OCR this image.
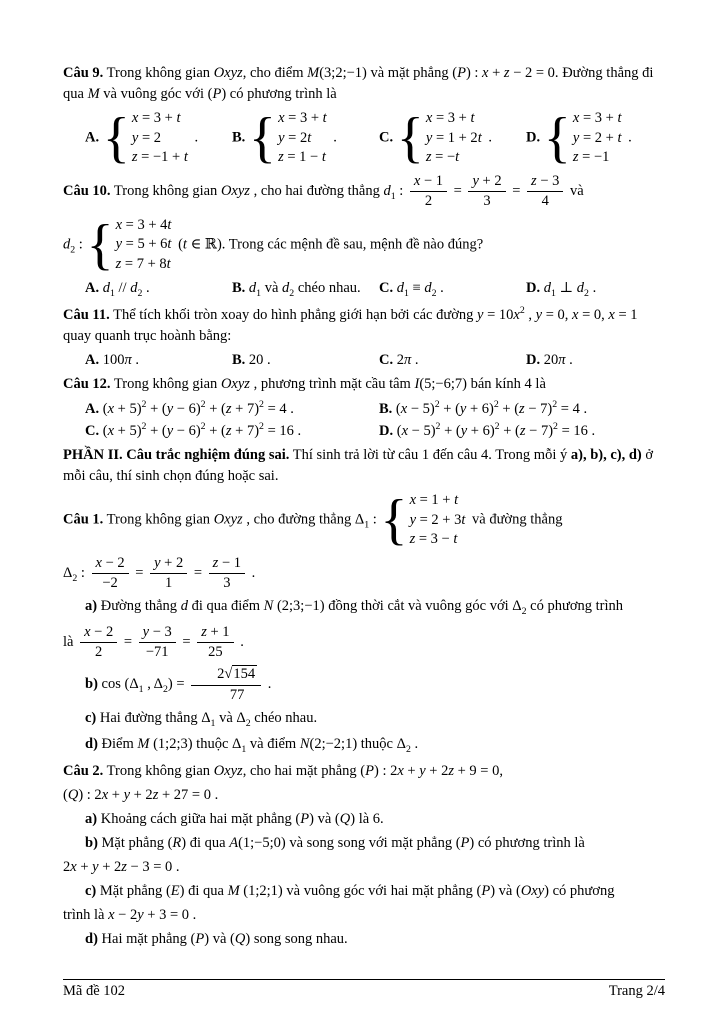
Câu 9. Trong không gian Oxyz, cho điểm M(3;2;−1) và mặt phẳng (P) : x + z − 2 = 0. Đường thẳng đi qua M và vuông góc với (P) có phương trình là

A. { x = 3 + t
y = 2
z = −1 + t
.	B. { x = 3 + t
y = 2t
z = 1 − t
.	C. { x = 3 + t
y = 1 + 2t
z = −t
.	D. { x = 3 + t
y = 2 + t
z = −1
.

Câu 10. Trong không gian Oxyz , cho hai đường thẳng $d_1$ : $\frac{x - 1}{2} = \frac{y + 2}{3} = \frac{z - 3}{4}$ và

$d_2$ : { x = 3 + 4t
y = 5 + 6t
z = 7 + 8t
(t ∈ ℝ). Trong các mệnh đề sau, mệnh đề nào đúng?

A. $d_1 // d_2$ .	B. $d_1$ và $d_2$ chéo nhau.	C. $d_1 \equiv d_2$ .	D. $d_1$ ⊥ $d_2$ .

Câu 11. Thể tích khối tròn xoay do hình phẳng giới hạn bởi các đường $y = 10x^2$ , y = 0, x = 0, x = 1 quay quanh trục hoành bằng:

A. 100π .	B. 20 .	C. 2π .	D. 20π .

Câu 12. Trong không gian Oxyz , phương trình mặt cầu tâm I(5;−6;7) bán kính 4 là

A. $(x + 5)^2 + (y - 6)^2 + (z + 7)^2 = 4$ .	B. $(x - 5)^2 + (y + 6)^2 + (z - 7)^2 = 4$ .
C. $(x + 5)^2 + (y - 6)^2 + (z + 7)^2 = 16$ .	D. $(x - 5)^2 + (y + 6)^2 + (z - 7)^2 = 16$ .

PHẦN II. Câu trắc nghiệm đúng sai. Thí sinh trả lời từ câu 1 đến câu 4. Trong mỗi ý a), b), c), d) ở mỗi câu, thí sinh chọn đúng hoặc sai.

Câu 1. Trong không gian Oxyz , cho đường thẳng $\Delta_1$ : { x = 1 + t
y = 2 + 3t
z = 3 − t
và đường thẳng

$\Delta_2$ : $\frac{x - 2}{-2} = \frac{y + 2}{1} = \frac{z - 1}{3}$ .

a) Đường thẳng d đi qua điểm N (2;3;−1) đồng thời cắt và vuông góc với $\Delta_2$ có phương trình

là $\frac{x - 2}{2} = \frac{y - 3}{-71} = \frac{z + 1}{25}$ .

b) $\cos (\Delta_1$ , $\Delta_2) = \frac{2√154}{77}$ .

c) Hai đường thẳng $\Delta_1$ và $\Delta_2$ chéo nhau.

d) Điểm M (1;2;3) thuộc $\Delta_1$ và điểm N(2;−2;1) thuộc $\Delta_2$ .

Câu 2. Trong không gian Oxyz, cho hai mặt phẳng (P) : 2x + y + 2z + 9 = 0,

(Q) : 2x + y + 2z + 27 = 0 .

a) Khoảng cách giữa hai mặt phẳng (P) và (Q) là 6.

b) Mặt phẳng (R) đi qua A(1;−5;0) và song song với mặt phẳng (P) có phương trình là

2x + y + 2z − 3 = 0 .

c) Mặt phẳng (E) đi qua M (1;2;1) và vuông góc với hai mặt phẳng (P) và (Oxy) có phương

trình là x − 2y + 3 = 0 .

d) Hai mặt phẳng (P) và (Q) song song nhau.

Mã đề 102	Trang 2/4
